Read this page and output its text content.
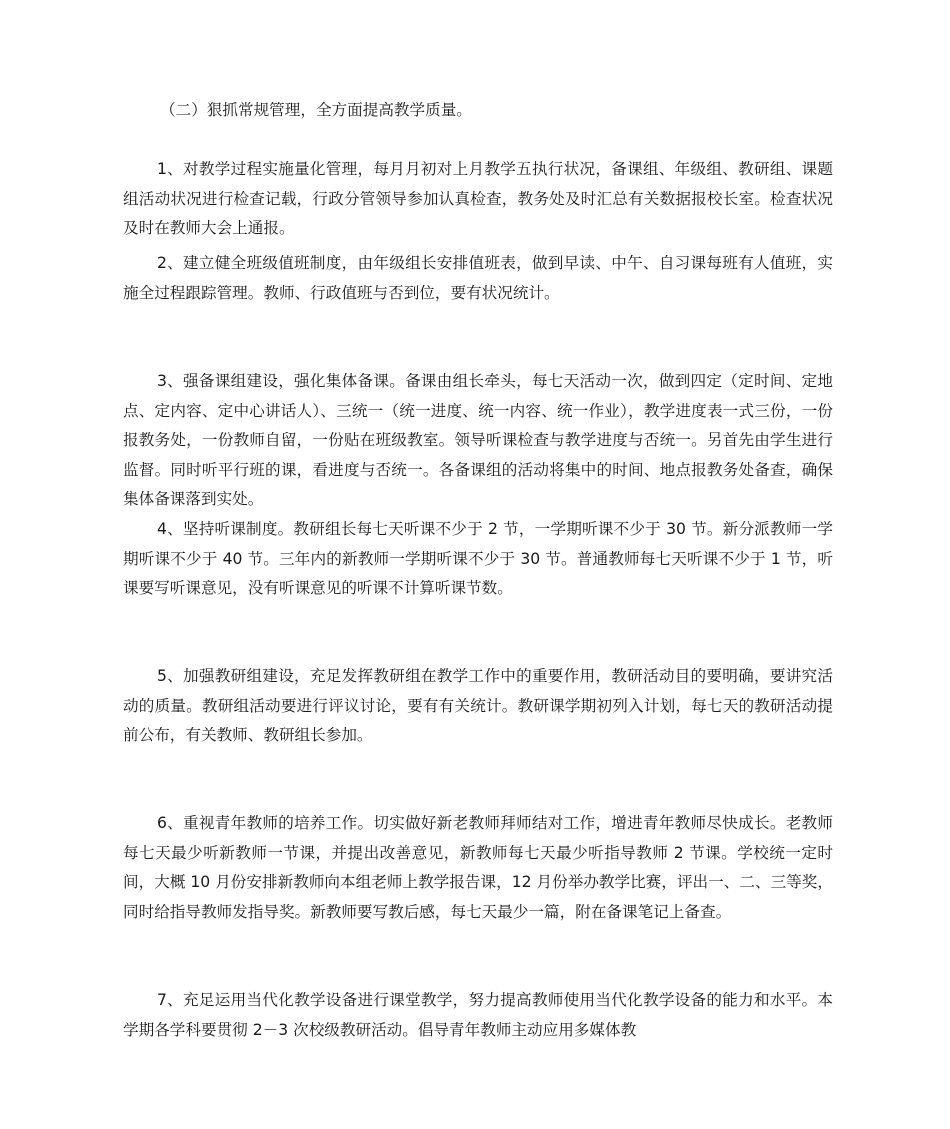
（二）狠抓常规管理，全方面提高教学质量。

1、对教学过程实施量化管理，每月月初对上月教学五执行状况，备课组、年级组、教研组、课题组活动状况进行检查记载，行政分管领导参加认真检查，教务处及时汇总有关数据报校长室。检查状况及时在教师大会上通报。

2、建立健全班级值班制度，由年级组长安排值班表，做到早读、中午、自习课每班有人值班，实施全过程跟踪管理。教师、行政值班与否到位，要有状况统计。

3、强备课组建设，强化集体备课。备课由组长牵头，每七天活动一次，做到四定（定时间、定地点、定内容、定中心讲话人）、三统一（统一进度、统一内容、统一作业），教学进度表一式三份，一份报教务处，一份教师自留，一份贴在班级教室。领导听课检查与教学进度与否统一。另首先由学生进行监督。同时听平行班的课，看进度与否统一。各备课组的活动将集中的时间、地点报教务处备查，确保集体备课落到实处。

4、坚持听课制度。教研组长每七天听课不少于 2 节，一学期听课不少于 30 节。新分派教师一学期听课不少于 40 节。三年内的新教师一学期听课不少于 30 节。普通教师每七天听课不少于 1 节，听课要写听课意见，没有听课意见的听课不计算听课节数。

5、加强教研组建设，充足发挥教研组在教学工作中的重要作用，教研活动目的要明确，要讲究活动的质量。教研组活动要进行评议讨论，要有有关统计。教研课学期初列入计划，每七天的教研活动提前公布，有关教师、教研组长参加。

6、重视青年教师的培养工作。切实做好新老教师拜师结对工作，增进青年教师尽快成长。老教师每七天最少听新教师一节课，并提出改善意见，新教师每七天最少听指导教师 2 节课。学校统一定时间，大概 10 月份安排新教师向本组老师上教学报告课，12 月份举办教学比赛，评出一、二、三等奖，同时给指导教师发指导奖。新教师要写教后感，每七天最少一篇，附在备课笔记上备查。

7、充足运用当代化教学设备进行课堂教学，努力提高教师使用当代化教学设备的能力和水平。本学期各学科要贯彻 2－3 次校级教研活动。倡导青年教师主动应用多媒体教
